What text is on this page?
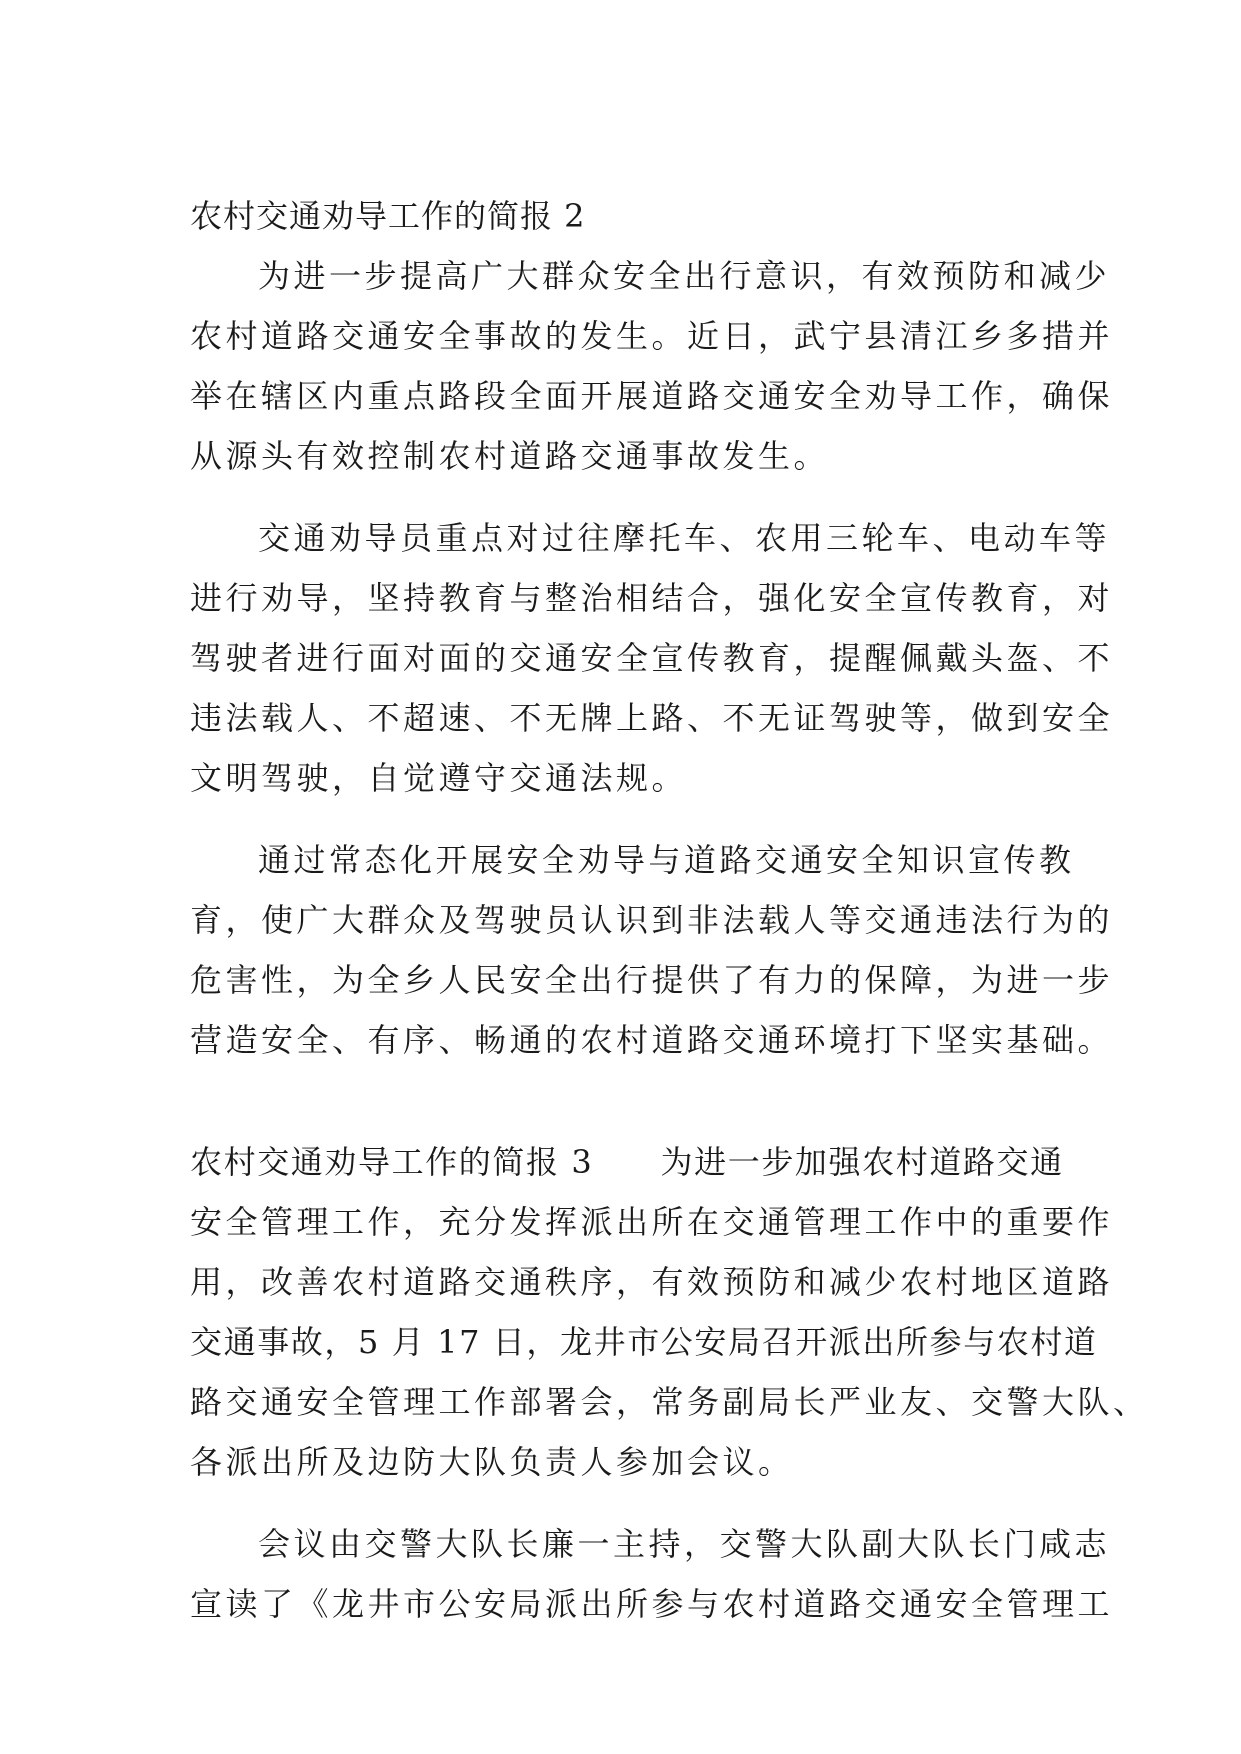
农村交通劝导工作的简报 2
为进一步提高广大群众安全出行意识，有效预防和减少
农村道路交通安全事故的发生。近日，武宁县清江乡多措并
举在辖区内重点路段全面开展道路交通安全劝导工作，确保
从源头有效控制农村道路交通事故发生。
交通劝导员重点对过往摩托车、农用三轮车、电动车等
进行劝导，坚持教育与整治相结合，强化安全宣传教育，对
驾驶者进行面对面的交通安全宣传教育，提醒佩戴头盔、不
违法载人、不超速、不无牌上路、不无证驾驶等，做到安全
文明驾驶，自觉遵守交通法规。
通过常态化开展安全劝导与道路交通安全知识宣传教
育，使广大群众及驾驶员认识到非法载人等交通违法行为的
危害性，为全乡人民安全出行提供了有力的保障，为进一步
营造安全、有序、畅通的农村道路交通环境打下坚实基础。
农村交通劝导工作的简报 3　　为进一步加强农村道路交通
安全管理工作，充分发挥派出所在交通管理工作中的重要作
用，改善农村道路交通秩序，有效预防和减少农村地区道路
交通事故，5 月 17 日，龙井市公安局召开派出所参与农村道
路交通安全管理工作部署会，常务副局长严业友、交警大队、
各派出所及边防大队负责人参加会议。
会议由交警大队长廉一主持，交警大队副大队长门咸志
宣读了《龙井市公安局派出所参与农村道路交通安全管理工
